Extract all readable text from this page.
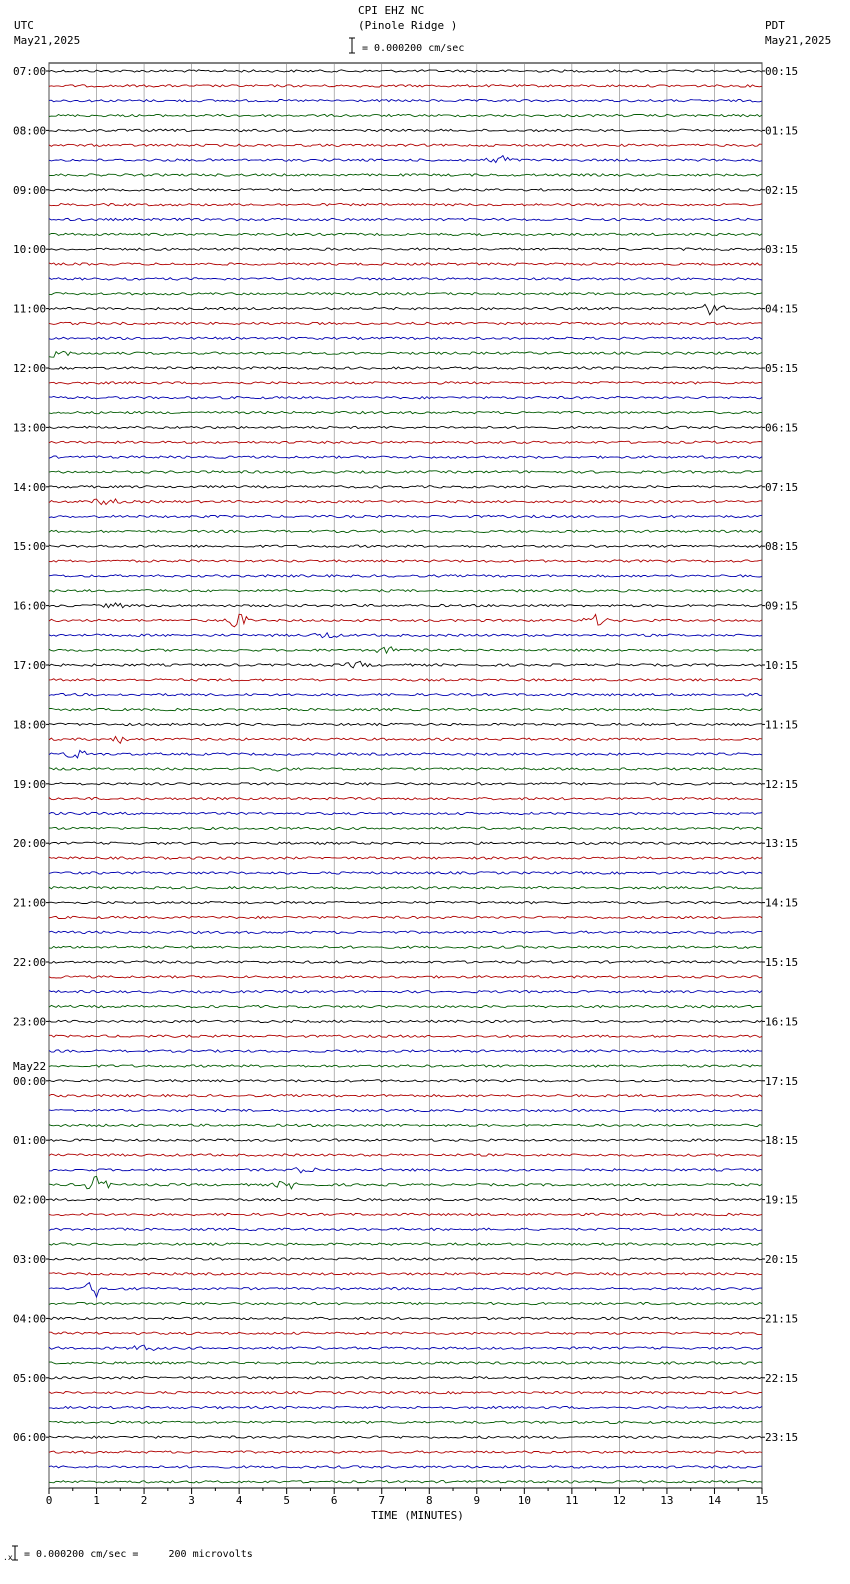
CPI EHZ NC
(Pinole Ridge )
UTC
May21,2025
PDT
May21,2025
= 0.000200 cm/sec
= 0.000200 cm/sec =     200 microvolts
.x
0	1	2	3	4	5	6	7	8	9	10	11	12	13	14	15
TIME (MINUTES)
07:00
08:00
09:00
10:00
11:00
12:00
13:00
14:00
15:00
16:00
17:00
18:00
19:00
20:00
21:00
22:00
23:00
00:00
May22
01:00
02:00
03:00
04:00
05:00
06:00
00:15
01:15
02:15
03:15
04:15
05:15
06:15
07:15
08:15
09:15
10:15
11:15
12:15
13:15
14:15
15:15
16:15
17:15
18:15
19:15
20:15
21:15
22:15
23:15
